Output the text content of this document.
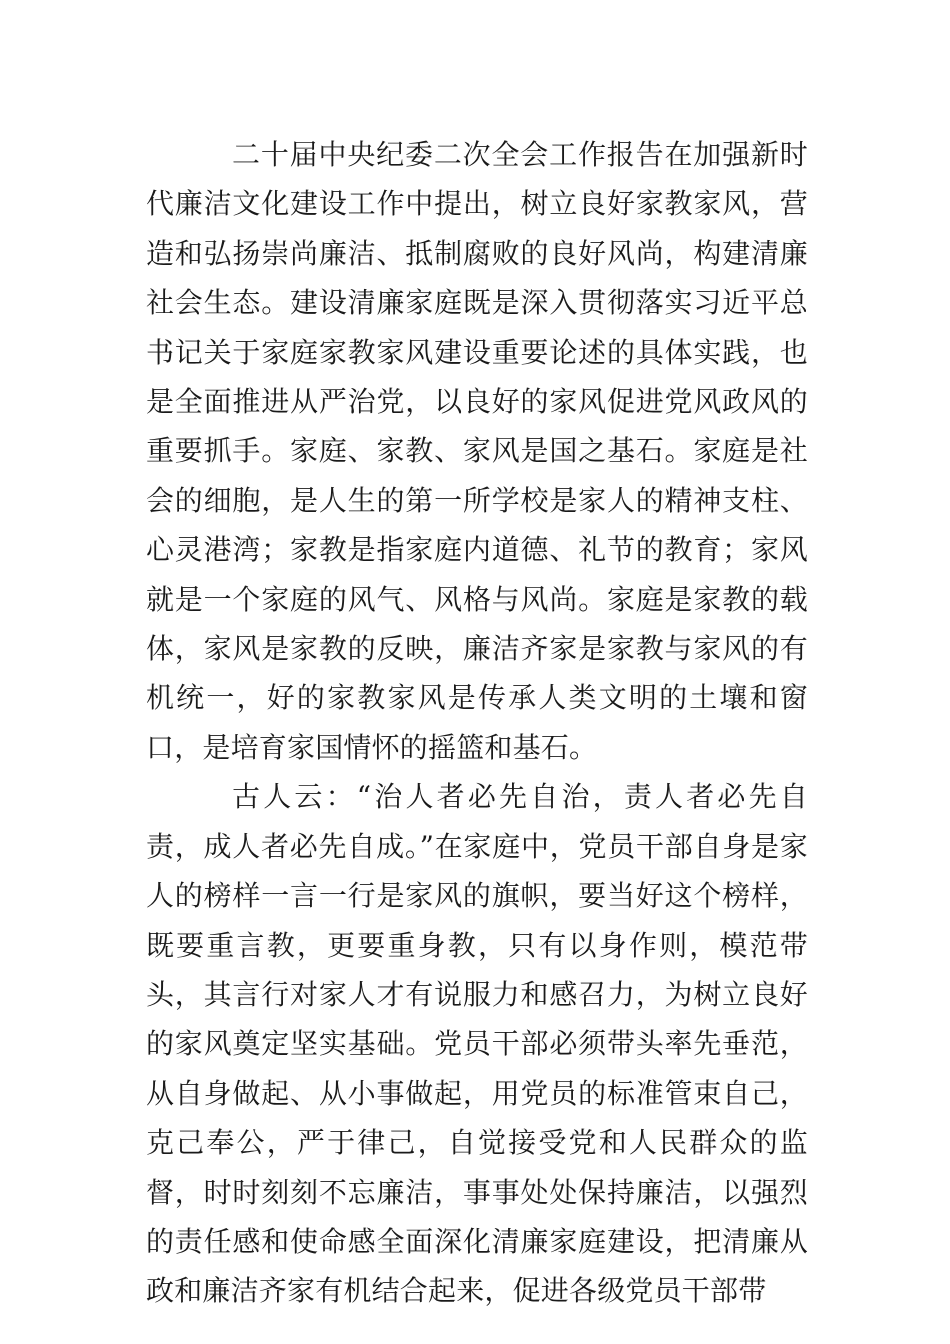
二十届中央纪委二次全会工作报告在加强新时代廉洁文化建设工作中提出，树立良好家教家风，营造和弘扬崇尚廉洁、抵制腐败的良好风尚，构建清廉社会生态。建设清廉家庭既是深入贯彻落实习近平总书记关于家庭家教家风建设重要论述的具体实践，也是全面推进从严治党，以良好的家风促进党风政风的重要抓手。家庭、家教、家风是国之基石。家庭是社会的细胞，是人生的第一所学校是家人的精神支柱、心灵港湾；家教是指家庭内道德、礼节的教育；家风就是一个家庭的风气、风格与风尚。家庭是家教的载体，家风是家教的反映，廉洁齐家是家教与家风的有机统一，好的家教家风是传承人类文明的土壤和窗口，是培育家国情怀的摇篮和基石。

古人云：“治人者必先自治，责人者必先自责，成人者必先自成。”在家庭中，党员干部自身是家人的榜样一言一行是家风的旗帜，要当好这个榜样，既要重言教，更要重身教，只有以身作则，模范带头，其言行对家人才有说服力和感召力，为树立良好的家风奠定坚实基础。党员干部必须带头率先垂范，从自身做起、从小事做起，用党员的标准管束自己，克己奉公，严于律己，自觉接受党和人民群众的监督，时时刻刻不忘廉洁，事事处处保持廉洁，以强烈的责任感和使命感全面深化清廉家庭建设，把清廉从政和廉洁齐家有机结合起来，促进各级党员干部带
